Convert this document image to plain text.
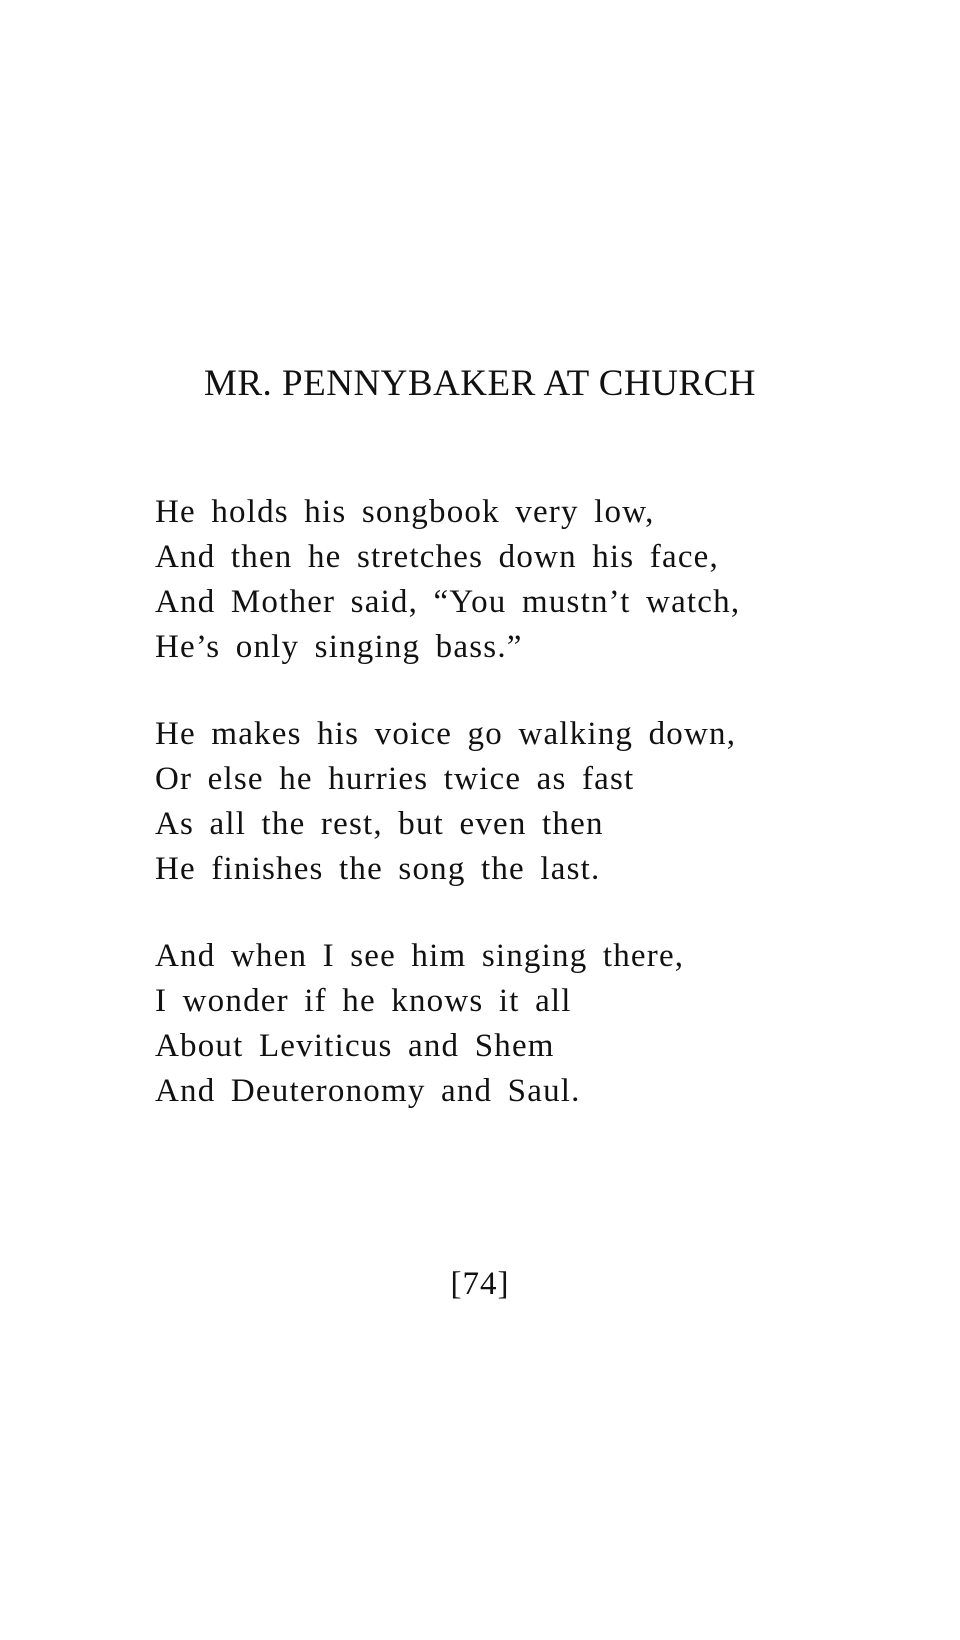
MR. PENNYBAKER AT CHURCH
He holds his songbook very low,
And then he stretches down his face,
And Mother said, “You mustn’t watch,
He’s only singing bass.”
He makes his voice go walking down,
Or else he hurries twice as fast
As all the rest, but even then
He finishes the song the last.
And when I see him singing there,
I wonder if he knows it all
About Leviticus and Shem
And Deuteronomy and Saul.
[74]
